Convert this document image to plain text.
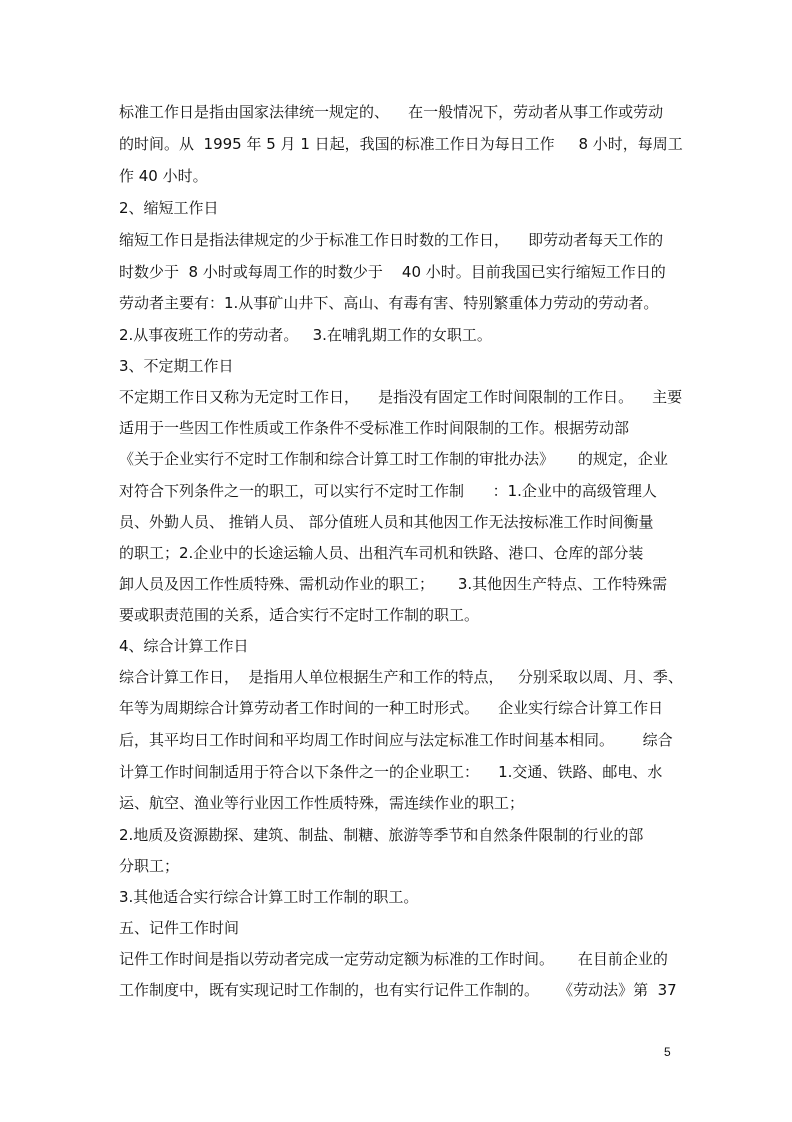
标准工作日是指由国家法律统一规定的、    在一般情况下，劳动者从事工作或劳动
的时间。从  1995 年 5 月 1 日起，我国的标准工作日为每日工作     8 小时，每周工
作 40 小时。
2、缩短工作日
缩短工作日是指法律规定的少于标准工作日时数的工作日，    即劳动者每天工作的
时数少于  8 小时或每周工作的时数少于    40 小时。目前我国已实行缩短工作日的
劳动者主要有：1.从事矿山井下、高山、有毒有害、特别繁重体力劳动的劳动者。
2.从事夜班工作的劳动者。   3.在哺乳期工作的女职工。
3、不定期工作日
不定期工作日又称为无定时工作日，    是指没有固定工作时间限制的工作日。    主要
适用于一些因工作性质或工作条件不受标准工作时间限制的工作。根据劳动部
《关于企业实行不定时工作制和综合计算工时工作制的审批办法》     的规定，企业
对符合下列条件之一的职工，可以实行不定时工作制      ：1.企业中的高级管理人
员、外勤人员、 推销人员、 部分值班人员和其他因工作无法按标准工作时间衡量
的职工；2.企业中的长途运输人员、出租汽车司机和铁路、港口、仓库的部分装
卸人员及因工作性质特殊、需机动作业的职工；     3.其他因生产特点、工作特殊需
要或职责范围的关系，适合实行不定时工作制的职工。
4、综合计算工作日
综合计算工作日，  是指用人单位根据生产和工作的特点，   分别采取以周、月、季、
年等为周期综合计算劳动者工作时间的一种工时形式。    企业实行综合计算工作日
后，其平均日工作时间和平均周工作时间应与法定标准工作时间基本相同。      综合
计算工作时间制适用于符合以下条件之一的企业职工：    1.交通、铁路、邮电、水
运、航空、渔业等行业因工作性质特殊，需连续作业的职工；
2.地质及资源勘探、建筑、制盐、制糖、旅游等季节和自然条件限制的行业的部
分职工；
3.其他适合实行综合计算工时工作制的职工。
五、记件工作时间
记件工作时间是指以劳动者完成一定劳动定额为标准的工作时间。     在目前企业的
工作制度中，既有实现记时工作制的，也有实行记件工作制的。    《劳动法》第  37
5
